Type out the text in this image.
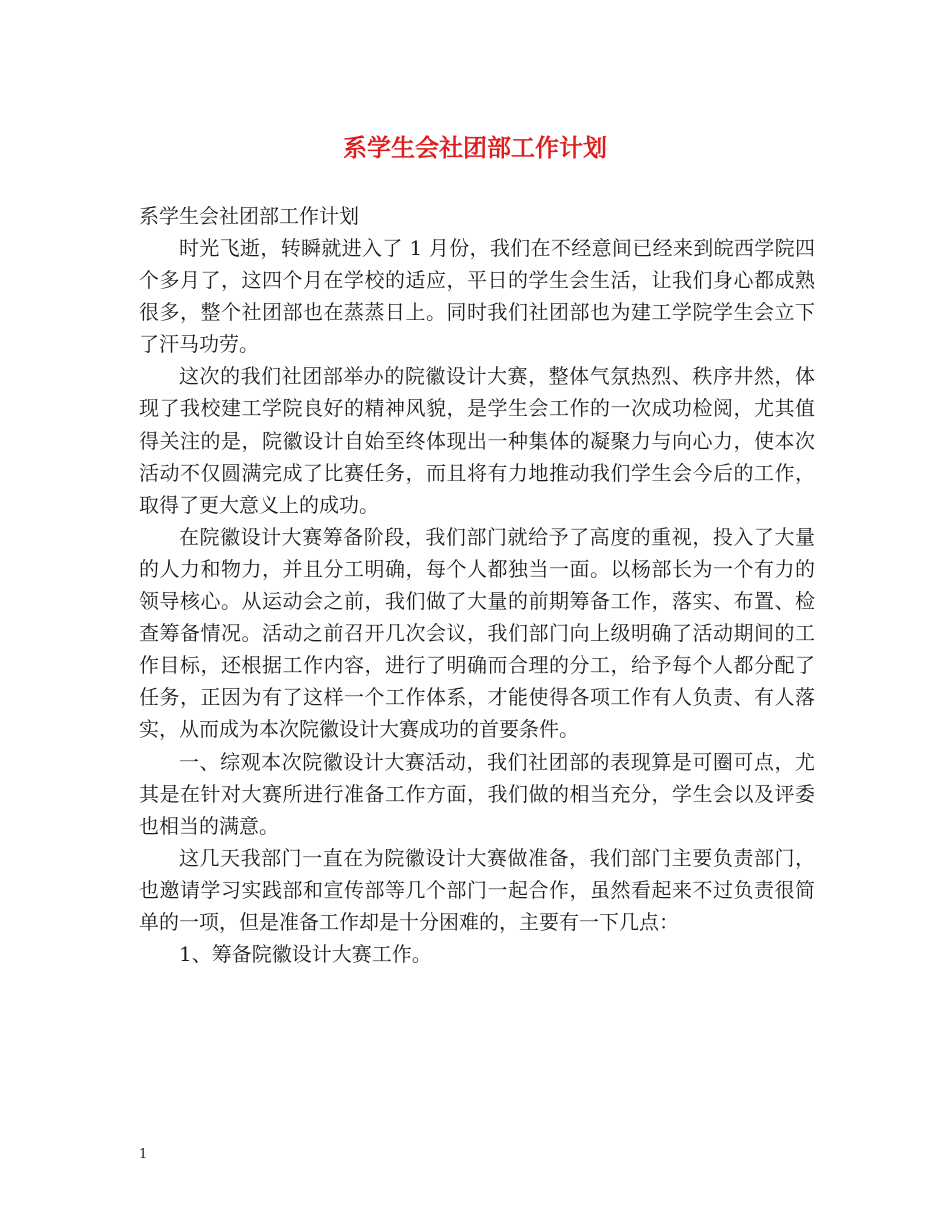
系学生会社团部工作计划

系学生会社团部工作计划

时光飞逝，转瞬就进入了 1 月份，我们在不经意间已经来到皖西学院四个多月了，这四个月在学校的适应，平日的学生会生活，让我们身心都成熟很多，整个社团部也在蒸蒸日上。同时我们社团部也为建工学院学生会立下了汗马功劳。

这次的我们社团部举办的院徽设计大赛，整体气氛热烈、秩序井然，体现了我校建工学院良好的精神风貌，是学生会工作的一次成功检阅，尤其值得关注的是，院徽设计自始至终体现出一种集体的凝聚力与向心力，使本次活动不仅圆满完成了比赛任务，而且将有力地推动我们学生会今后的工作，取得了更大意义上的成功。

在院徽设计大赛筹备阶段，我们部门就给予了高度的重视，投入了大量的人力和物力，并且分工明确，每个人都独当一面。以杨部长为一个有力的领导核心。从运动会之前，我们做了大量的前期筹备工作，落实、布置、检查筹备情况。活动之前召开几次会议，我们部门向上级明确了活动期间的工作目标，还根据工作内容，进行了明确而合理的分工，给予每个人都分配了任务，正因为有了这样一个工作体系，才能使得各项工作有人负责、有人落实，从而成为本次院徽设计大赛成功的首要条件。

一、综观本次院徽设计大赛活动，我们社团部的表现算是可圈可点，尤其是在针对大赛所进行准备工作方面，我们做的相当充分，学生会以及评委也相当的满意。

这几天我部门一直在为院徽设计大赛做准备，我们部门主要负责部门，也邀请学习实践部和宣传部等几个部门一起合作，虽然看起来不过负责很简单的一项，但是准备工作却是十分困难的，主要有一下几点：

1、筹备院徽设计大赛工作。

1
